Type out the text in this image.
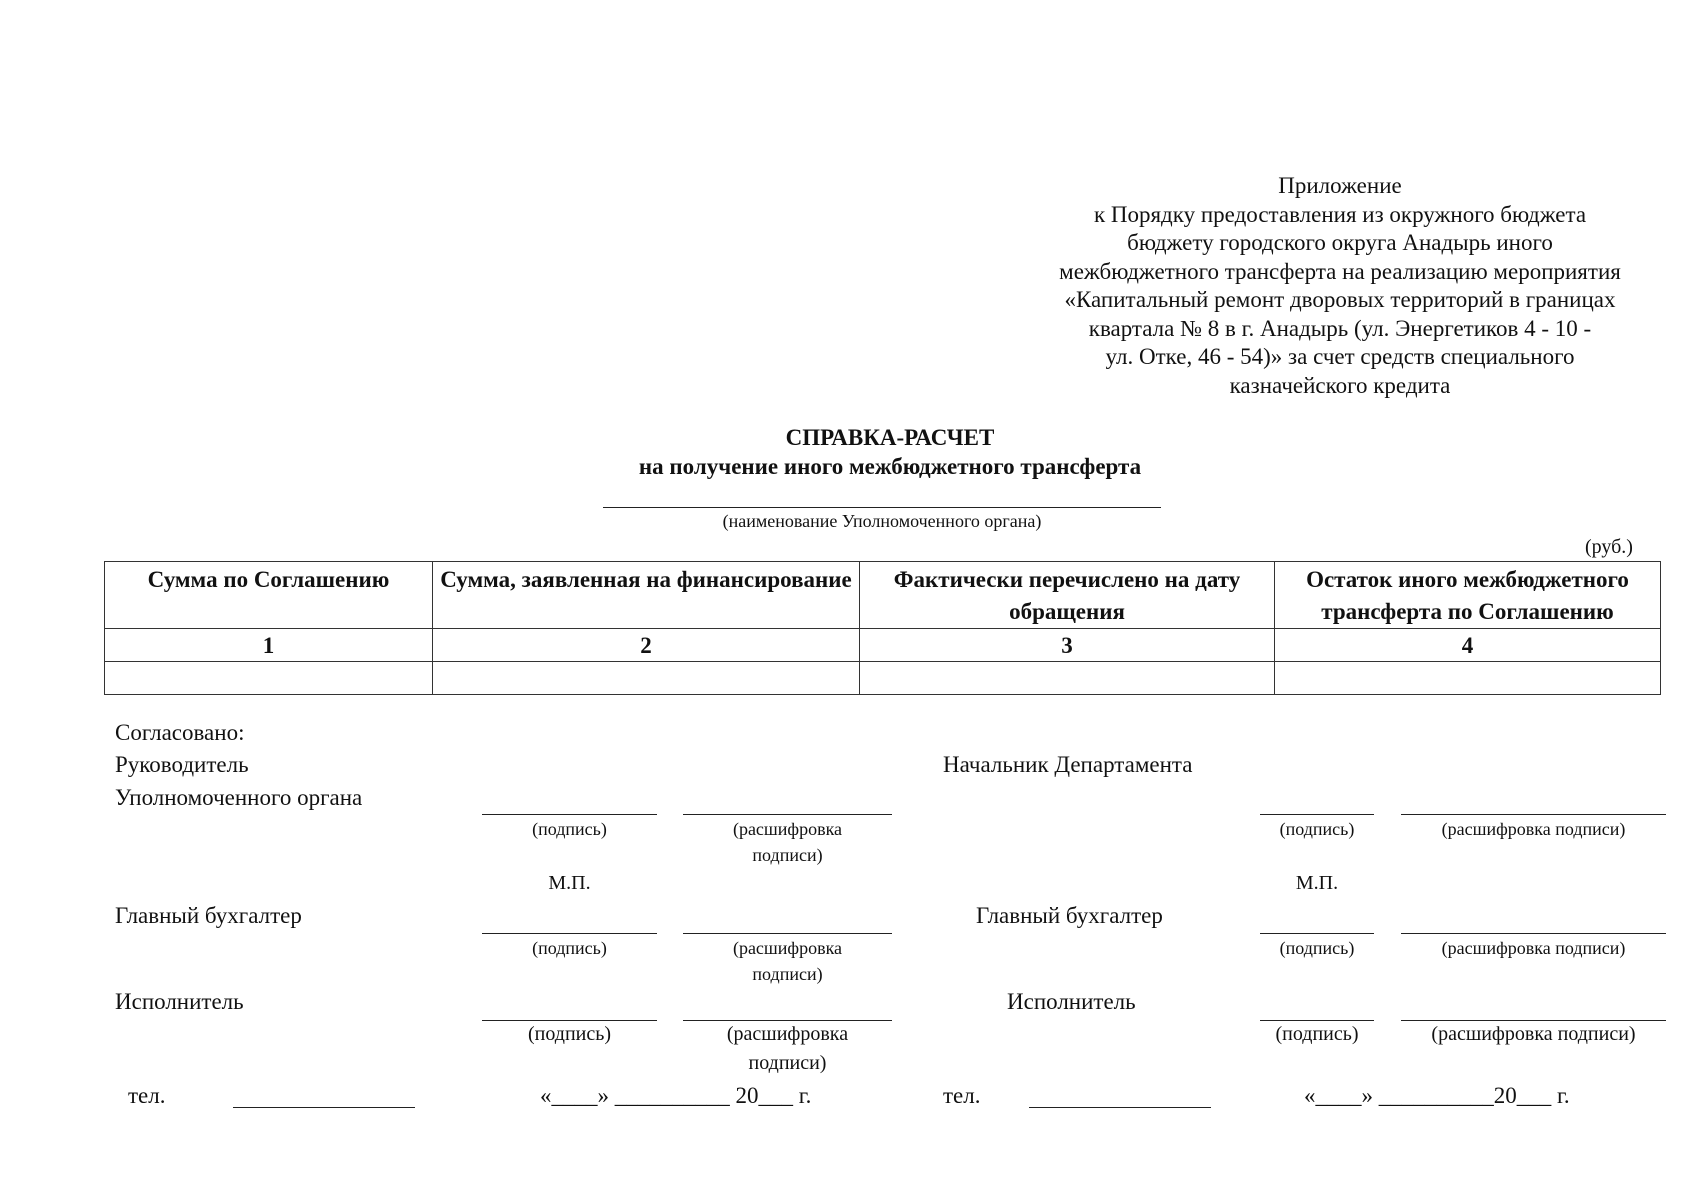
Приложение
к Порядку предоставления из окружного бюджета
бюджету городского округа Анадырь иного
межбюджетного трансферта на реализацию мероприятия
«Капитальный ремонт дворовых территорий в границах
квартала № 8 в г. Анадырь (ул. Энергетиков 4 - 10 -
ул. Отке, 46 - 54)» за счет средств специального
казначейского кредита
СПРАВКА-РАСЧЕТ
на получение иного межбюджетного трансферта
(наименование Уполномоченного органа)
(руб.)
Сумма по Соглашению	Сумма, заявленная на финансирование	Фактически перечислено на дату обращения	Остаток иного межбюджетного трансферта по Соглашению
1	2	3	4

Согласовано:
Руководитель
Уполномоченного органа
(подпись)	(расшифровка
подписи)
М.П.
Главный бухгалтер
(подпись)	(расшифровка
подписи)
Исполнитель
(подпись)	(расшифровка
подписи)
тел.	«____» __________ 20___ г.
Начальник Департамента
(подпись)	(расшифровка подписи)
М.П.
Главный бухгалтер
(подпись)	(расшифровка подписи)
Исполнитель
(подпись)	(расшифровка подписи)
тел.	«____» __________20___ г.
